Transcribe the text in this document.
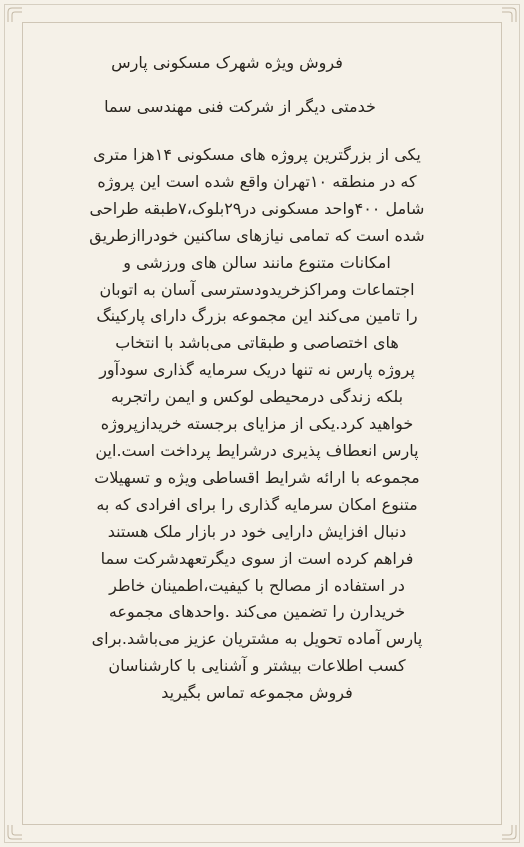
فروش ویژه شهرک مسکونی پارس
خدمتی دیگر از شرکت فنی مهندسی سما

یکی از بزرگترین پروژه های مسکونی ۱۴هزا متری
که در منطقه ۱۰تهران واقع شده است این پروژه
شامل ۴۰۰واحد مسکونی در۲۹بلوک،۷طبقه طراحی
شده است که تمامی نیازهای ساکنین خودرااز‌طریق
امکانات متنوع مانند سالن های ورزشی و
اجتماعات ومراکزخریدودسترسی آسان به اتوبان
را تامین می‌کند این مجموعه بزرگ دارای پارکینگ
های اختصاصی و طبقاتی می‌باشد با انتخاب
پروژه پارس نه تنها دریک سرمایه گذاری سودآور
بلکه زندگی درمحیطی لوکس و ایمن راتجربه
خواهید کرد.یکی از مزایای برجسته خریدازپروژه
پارس انعطاف پذیری درشرایط پرداخت است.این
مجموعه با ارائه شرایط اقساطی ویژه و تسهیلات
متنوع امکان سرمایه گذاری را برای افرادی که به
دنبال افزایش دارایی خود در بازار ملک هستند
فراهم کرده است از سوی دیگرتعهدشرکت سما
در استفاده از مصالح با کیفیت،اطمینان خاطر
خریدارن را تضمین می‌کند .واحدهای مجموعه
پارس آماده تحویل به مشتریان عزیز می‌باشد.برای
کسب اطلاعات بیشتر و آشنایی با کارشناسان
فروش مجموعه تماس بگیرید
